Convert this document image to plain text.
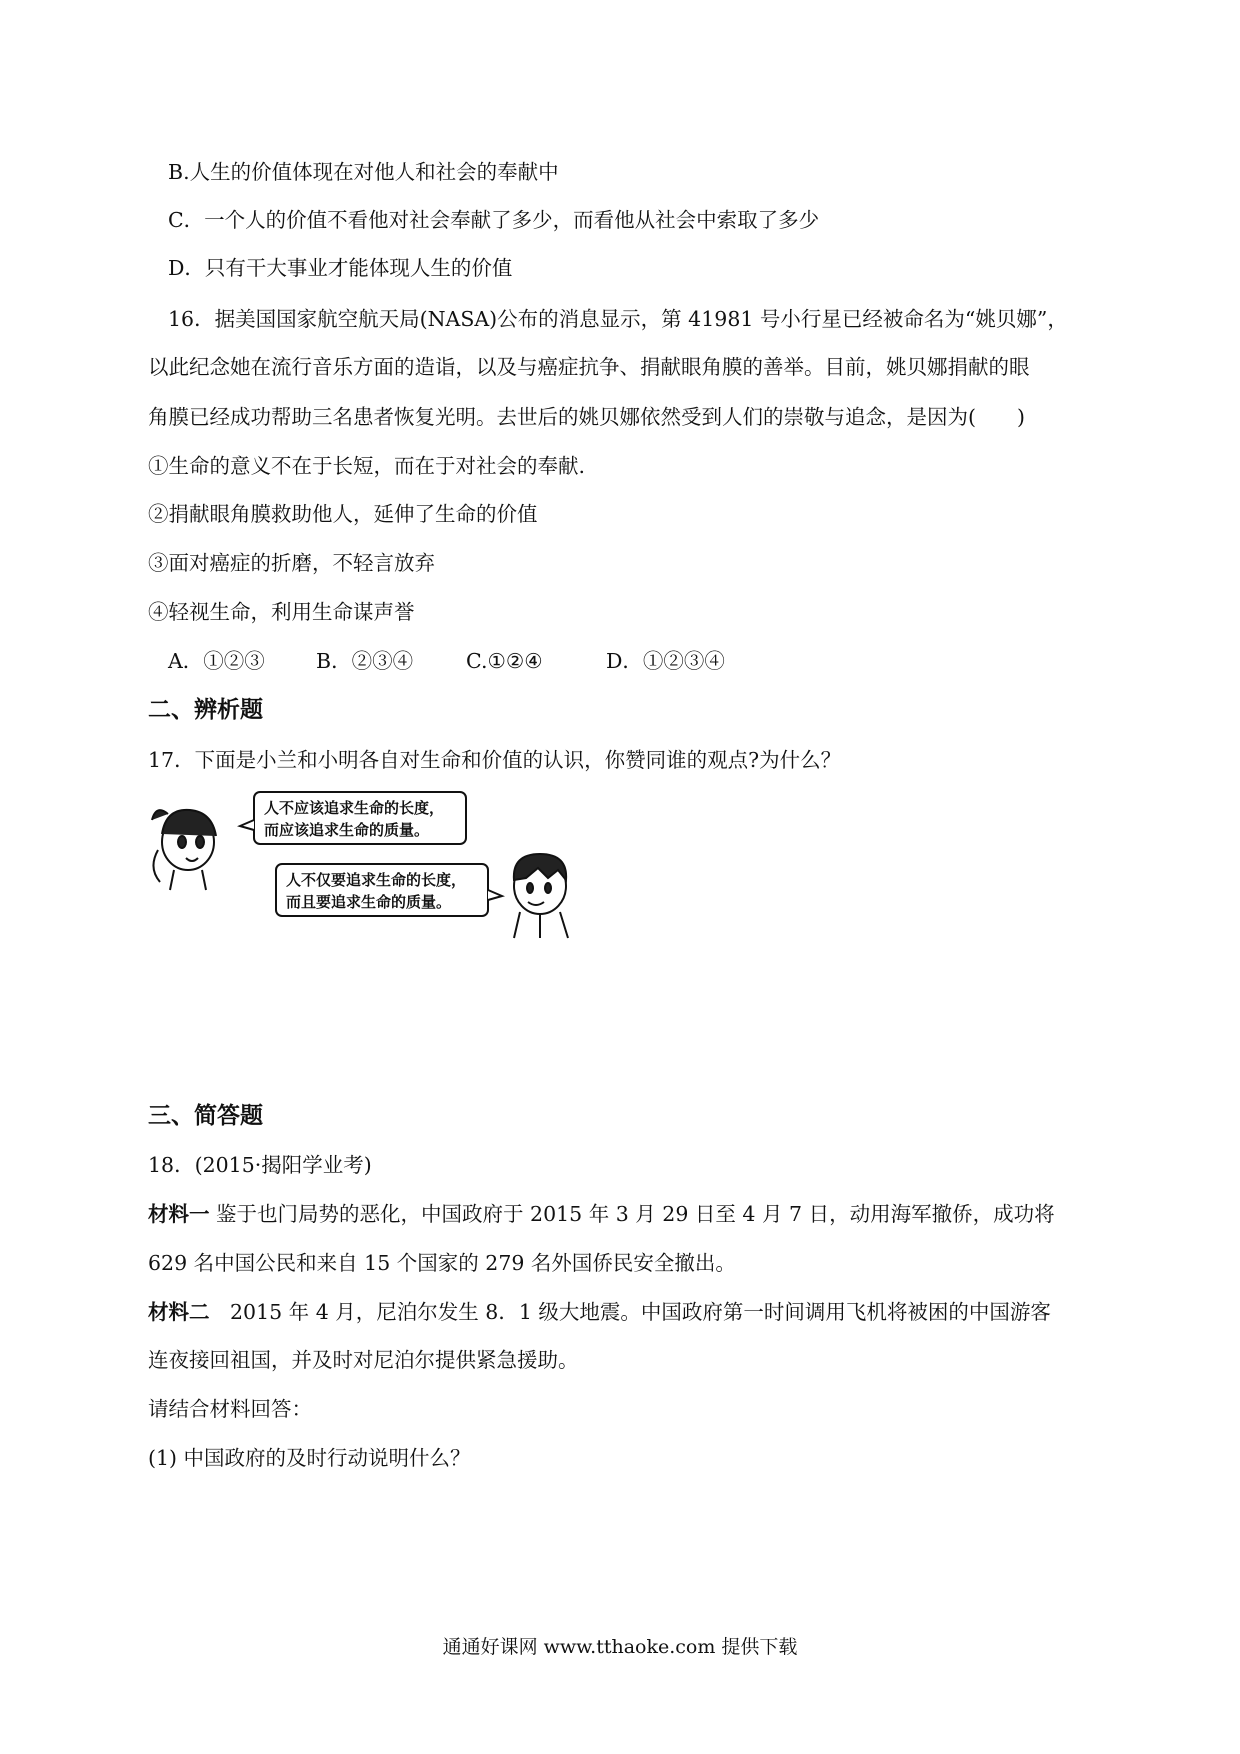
B.人生的价值体现在对他人和社会的奉献中
C．一个人的价值不看他对社会奉献了多少，而看他从社会中索取了多少
D．只有干大事业才能体现人生的价值
16．据美国国家航空航天局(NASA)公布的消息显示，第 41981 号小行星已经被命名为“姚贝娜”，
以此纪念她在流行音乐方面的造诣，以及与癌症抗争、捐献眼角膜的善举。目前，姚贝娜捐献的眼
角膜已经成功帮助三名患者恢复光明。去世后的姚贝娜依然受到人们的崇敬与追念，是因为(　　)
①生命的意义不在于长短，而在于对社会的奉献.
②捐献眼角膜救助他人，延伸了生命的价值
③面对癌症的折磨，不轻言放弃
④轻视生命，利用生命谋声誉
A．①②③ B．②③④	C.①②④	D．①②③④
二、辨析题
17．下面是小兰和小明各自对生命和价值的认识，你赞同谁的观点?为什么？
人不应该追求生命的长度，
而应该追求生命的质量。
人不仅要追求生命的长度，
而且要追求生命的质量。
三、简答题
18．(2015·揭阳学业考)
材料一 鉴于也门局势的恶化，中国政府于 2015 年 3 月 29 日至 4 月 7 日，动用海军撤侨，成功将
629 名中国公民和来自 15 个国家的 279 名外国侨民安全撤出。
材料二　2015 年 4 月，尼泊尔发生 8．1 级大地震。中国政府第一时间调用飞机将被困的中国游客
连夜接回祖国，并及时对尼泊尔提供紧急援助。
请结合材料回答：
(1) 中国政府的及时行动说明什么？
通通好课网 www.tthaoke.com 提供下载
